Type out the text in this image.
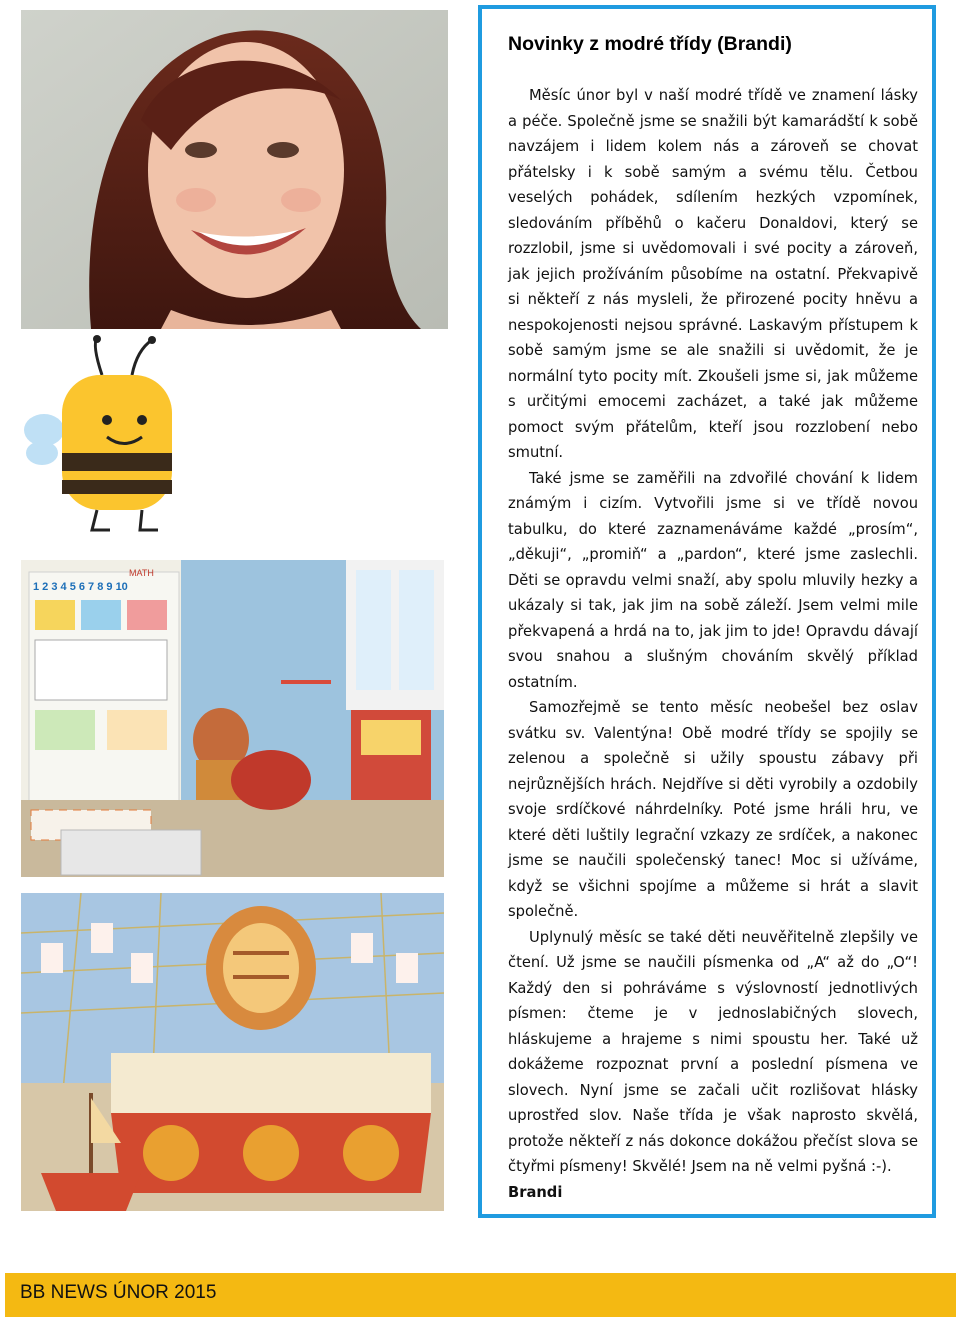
MATH
1 2 3 4 5 6 7 8 9 10
Novinky z modré třídy (Brandi)

Měsíc únor byl v naší modré třídě ve znamení lásky a péče. Společně jsme se snažili být kamarádští k sobě navzájem i lidem kolem nás a zároveň se chovat přátelsky i k sobě samým a svému tělu. Četbou veselých pohádek, sdílením hezkých vzpomínek, sledováním příběhů o kačeru Donaldovi, který se rozzlobil, jsme si uvědomovali i své pocity a zároveň, jak jejich prožíváním působíme na ostatní. Překvapivě si někteří z nás mysleli, že přirozené pocity hněvu a nespokojenosti nejsou správné. Laskavým přístupem k sobě samým jsme se ale snažili si uvědomit, že je normální tyto pocity mít. Zkoušeli jsme si, jak můžeme s určitými emocemi zacházet, a také jak můžeme pomoct svým přátelům, kteří jsou rozzlobení nebo smutní.

Také jsme se zaměřili na zdvořilé chování k lidem známým i cizím. Vytvořili jsme si ve třídě novou tabulku, do které zaznamenáváme každé „prosím“, „děkuji“, „promiň“ a „pardon“, které jsme zaslechli. Děti se opravdu velmi snaží, aby spolu mluvily hezky a ukázaly si tak, jak jim na sobě záleží. Jsem velmi mile překvapená a hrdá na to, jak jim to jde! Opravdu dávají svou snahou a slušným chováním skvělý příklad ostatním.

Samozřejmě se tento měsíc neobešel bez oslav svátku sv. Valentýna! Obě modré třídy se spojily se zelenou a společně si užily spoustu zábavy při nejrůznějších hrách. Nejdříve si děti vyrobily a ozdobily svoje srdíčkové náhrdelníky. Poté jsme hráli hru, ve které děti luštily legrační vzkazy ze srdíček, a nakonec jsme se naučili společenský tanec! Moc si užíváme, když se všichni spojíme a můžeme si hrát a slavit společně.

Uplynulý měsíc se také děti neuvěřitelně zlepšily ve čtení. Už jsme se naučili písmenka od „A“ až do „O“! Každý den si pohráváme s výslovností jednotlivých písmen: čteme je v jednoslabičných slovech, hláskujeme a hrajeme s nimi spoustu her. Také už dokážeme rozpoznat první a poslední písmena ve slovech. Nyní jsme se začali učit rozlišovat hlásky uprostřed slov. Naše třída je však naprosto skvělá, protože někteří z nás dokonce dokážou přečíst slova se čtyřmi písmeny! Skvělé! Jsem na ně velmi pyšná :-).

Brandi
BB NEWS ÚNOR 2015
